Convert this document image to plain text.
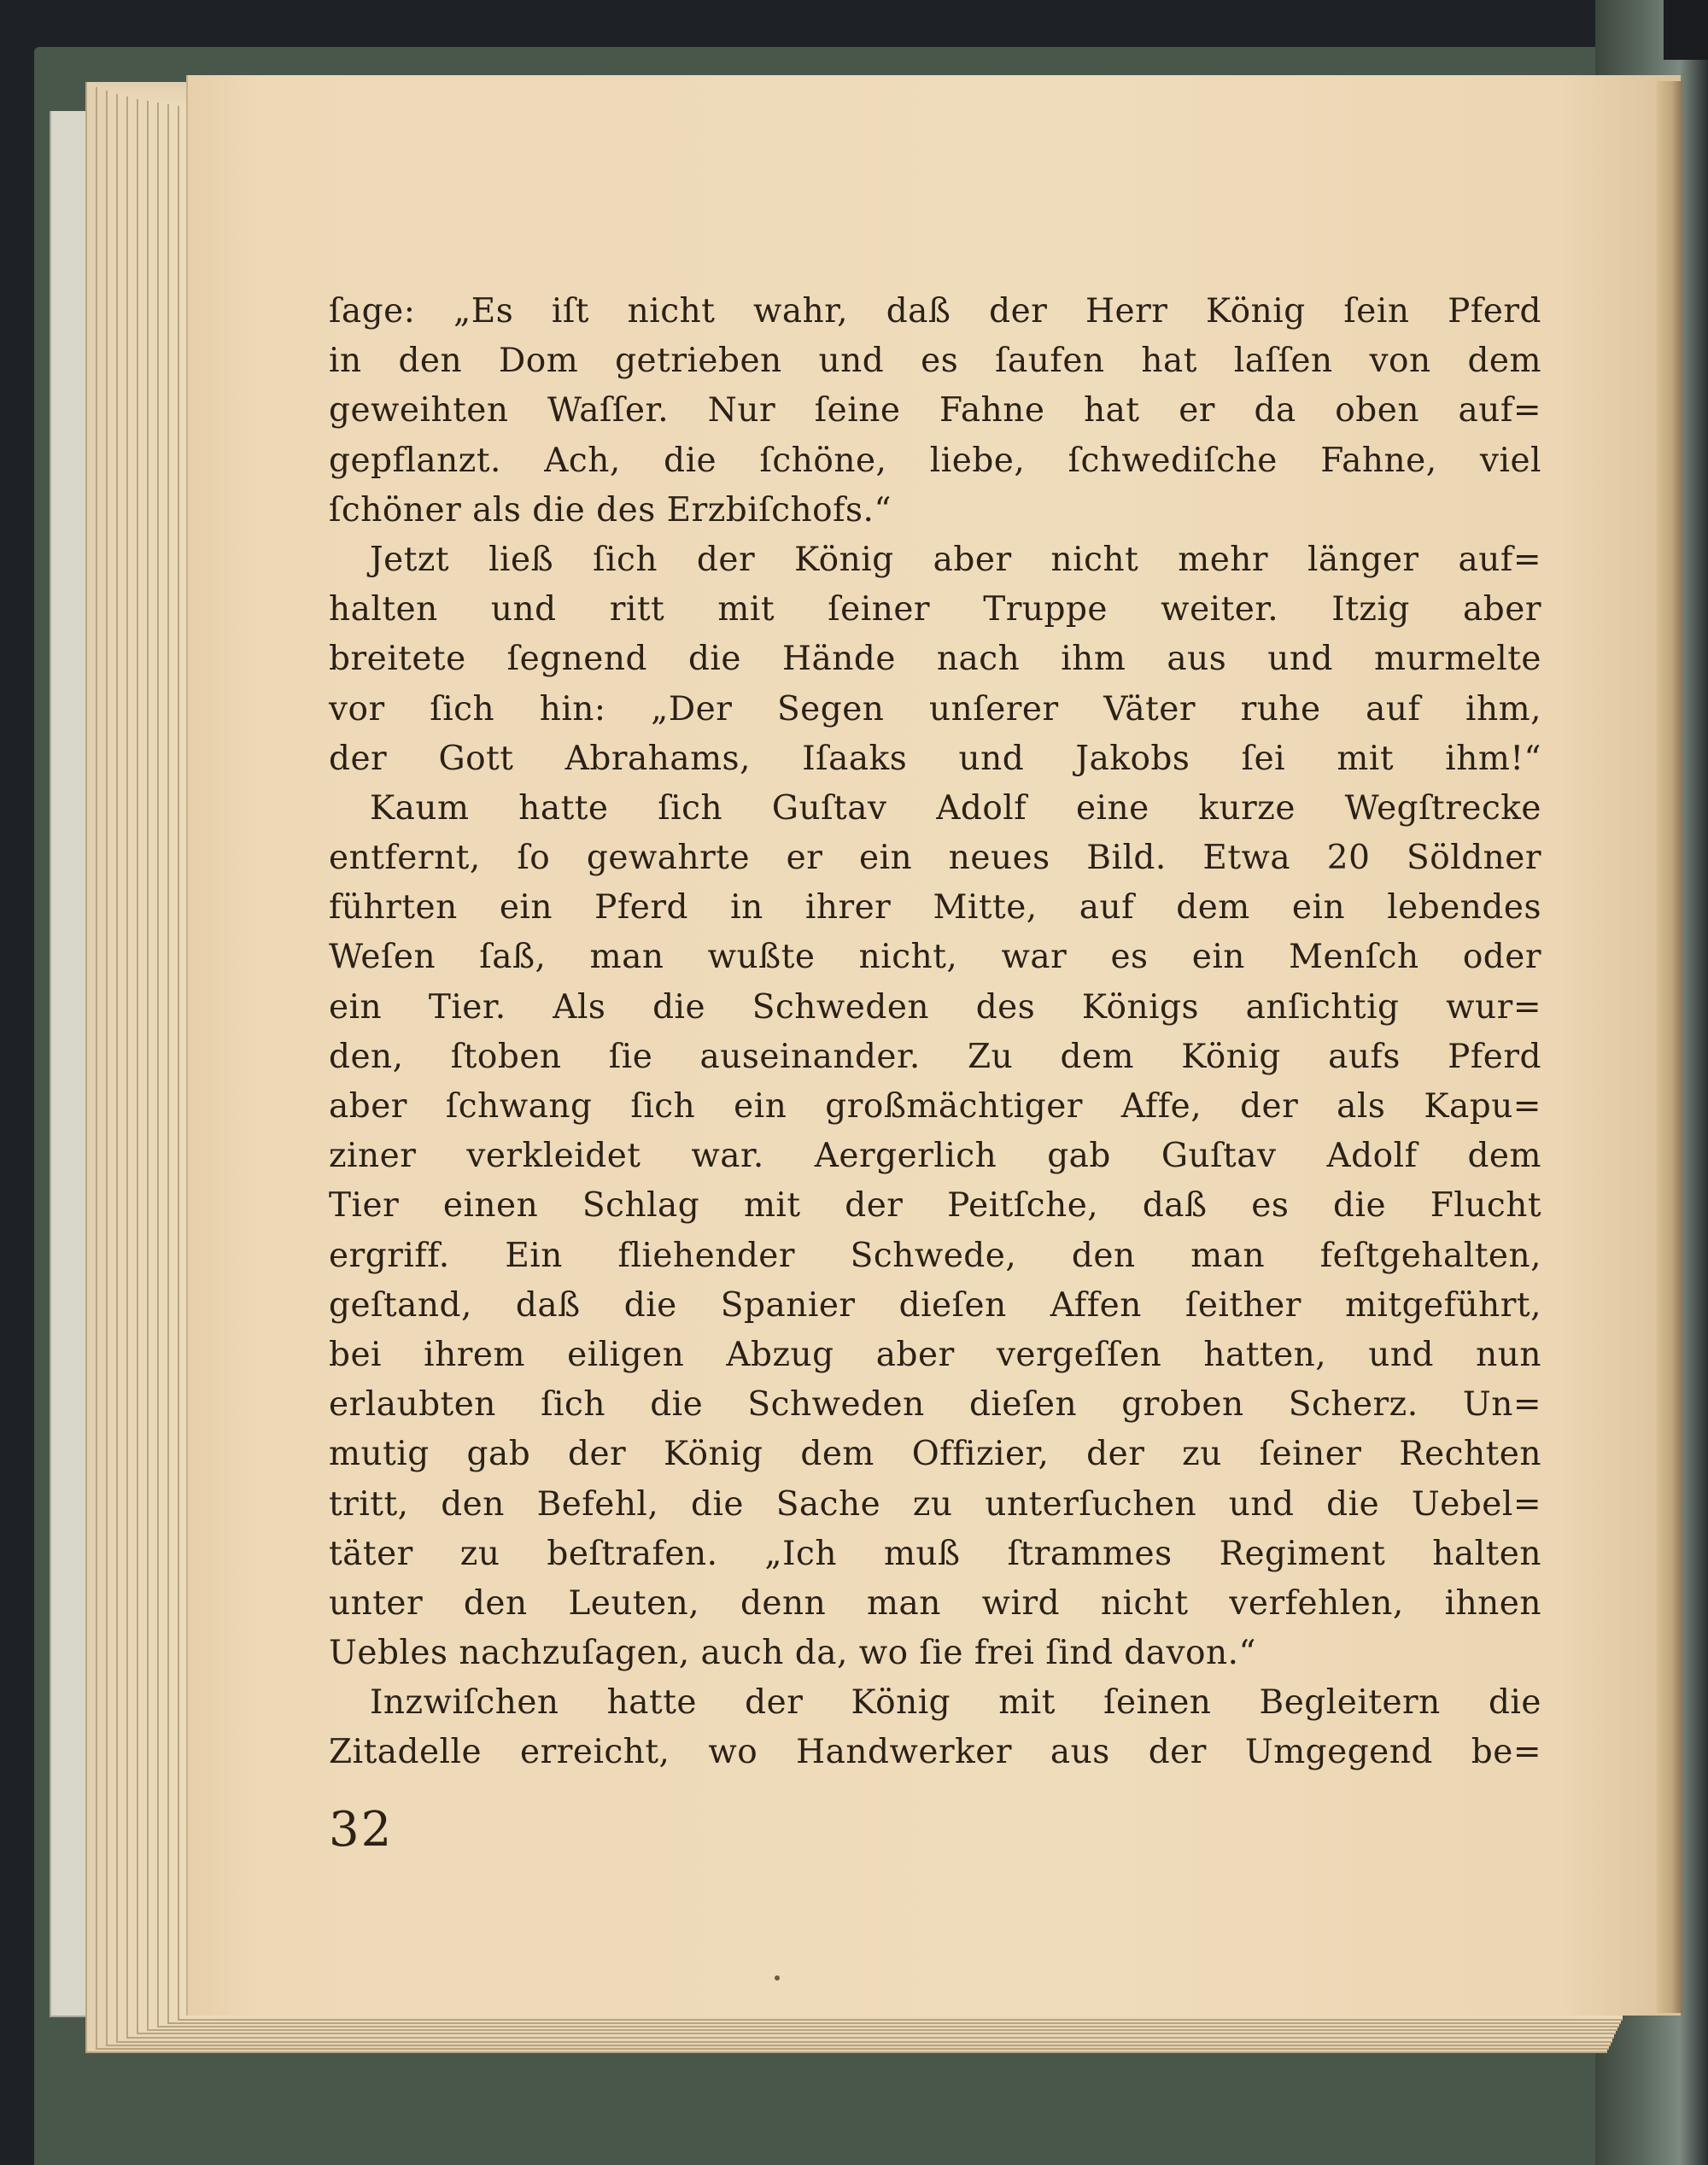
ſage: „Es iſt nicht wahr, daß der Herr König ſein Pferd
in den Dom getrieben und es ſaufen hat laſſen von dem
geweihten Waſſer. Nur ſeine Fahne hat er da oben auf=
gepflanzt. Ach, die ſchöne, liebe, ſchwediſche Fahne, viel
ſchöner als die des Erzbiſchofs.“
Jetzt ließ ſich der König aber nicht mehr länger auf=
halten und ritt mit ſeiner Truppe weiter. Itzig aber
breitete ſegnend die Hände nach ihm aus und murmelte
vor ſich hin: „Der Segen unſerer Väter ruhe auf ihm,
der Gott Abrahams, Iſaaks und Jakobs ſei mit ihm!“
Kaum hatte ſich Guſtav Adolf eine kurze Wegſtrecke
entfernt, ſo gewahrte er ein neues Bild. Etwa 20 Söldner
führten ein Pferd in ihrer Mitte, auf dem ein lebendes
Weſen ſaß, man wußte nicht, war es ein Menſch oder
ein Tier. Als die Schweden des Königs anſichtig wur=
den, ſtoben ſie auseinander. Zu dem König aufs Pferd
aber ſchwang ſich ein großmächtiger Affe, der als Kapu=
ziner verkleidet war. Aergerlich gab Guſtav Adolf dem
Tier einen Schlag mit der Peitſche, daß es die Flucht
ergriff. Ein fliehender Schwede, den man feſtgehalten,
geſtand, daß die Spanier dieſen Affen ſeither mitgeführt,
bei ihrem eiligen Abzug aber vergeſſen hatten, und nun
erlaubten ſich die Schweden dieſen groben Scherz. Un=
mutig gab der König dem Offizier, der zu ſeiner Rechten
tritt, den Befehl, die Sache zu unterſuchen und die Uebel=
täter zu beſtrafen. „Ich muß ſtrammes Regiment halten
unter den Leuten, denn man wird nicht verfehlen, ihnen
Uebles nachzuſagen, auch da, wo ſie frei ſind davon.“
Inzwiſchen hatte der König mit ſeinen Begleitern die
Zitadelle erreicht, wo Handwerker aus der Umgegend be=
32
